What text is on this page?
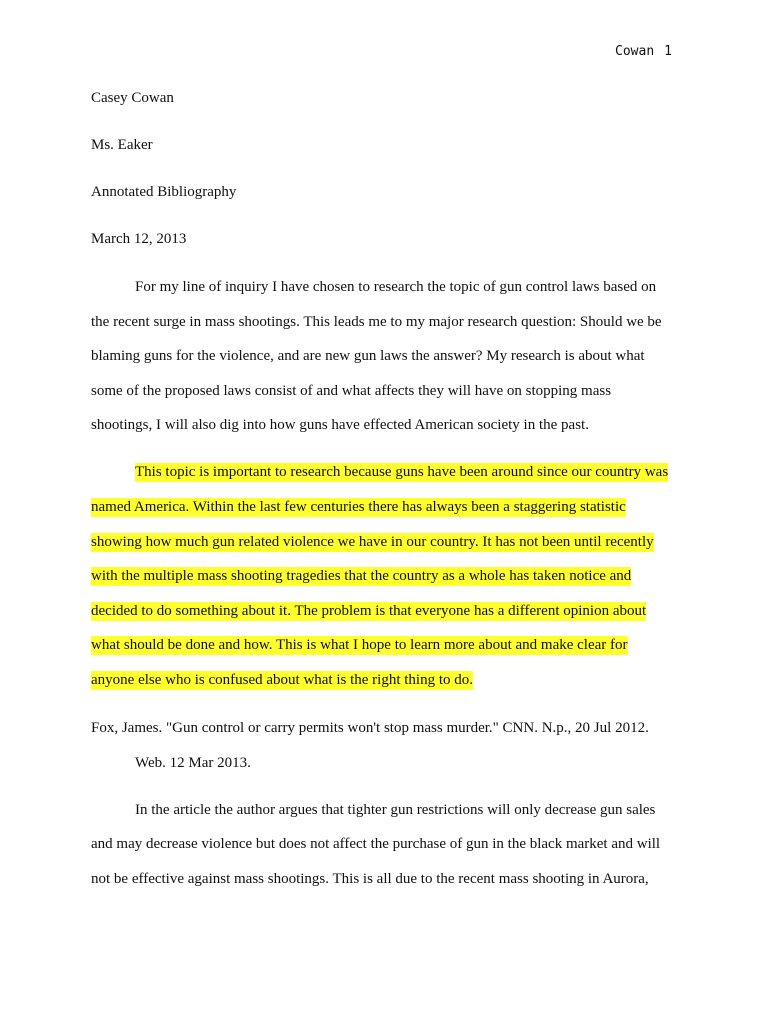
Cowan 1
Casey Cowan
Ms. Eaker
Annotated Bibliography
March 12, 2013
For my line of inquiry I have chosen to research the topic of gun control laws based on
the recent surge in mass shootings. This leads me to my major research question: Should we be
blaming guns for the violence, and are new gun laws the answer? My research is about what
some of the proposed laws consist of and what affects they will have on stopping mass
shootings, I will also dig into how guns have effected American society in the past.
This topic is important to research because guns have been around since our country was
named America. Within the last few centuries there has always been a staggering statistic
showing how much gun related violence we have in our country. It has not been until recently
with the multiple mass shooting tragedies that the country as a whole has taken notice and
decided to do something about it. The problem is that everyone has a different opinion about
what should be done and how. This is what I hope to learn more about and make clear for
anyone else who is confused about what is the right thing to do.
Fox, James. "Gun control or carry permits won't stop mass murder." CNN. N.p., 20 Jul 2012.
Web. 12 Mar 2013.
In the article the author argues that tighter gun restrictions will only decrease gun sales
and may decrease violence but does not affect the purchase of gun in the black market and will
not be effective against mass shootings. This is all due to the recent mass shooting in Aurora,
